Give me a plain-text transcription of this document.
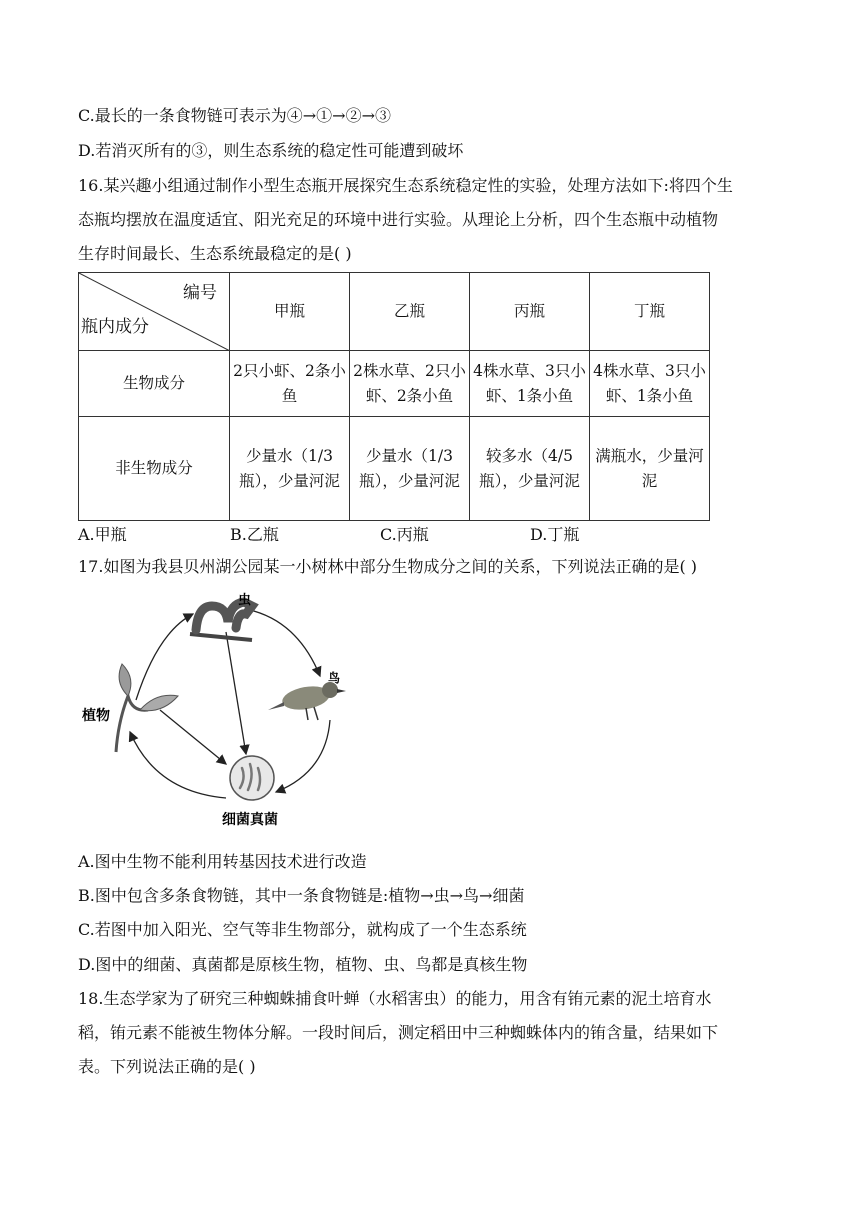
C.最长的一条食物链可表示为④→①→②→③
D.若消灭所有的③，则生态系统的稳定性可能遭到破坏
16.某兴趣小组通过制作小型生态瓶开展探究生态系统稳定性的实验，处理方法如下:将四个生
态瓶均摆放在温度适宜、阳光充足的环境中进行实验。从理论上分析，四个生态瓶中动植物
生存时间最长、生态系统最稳定的是( )
编号
瓶内成分	甲瓶	乙瓶	丙瓶	丁瓶
生物成分	2只小虾、2条小鱼	2株水草、2只小虾、2条小鱼	4株水草、3只小虾、1条小鱼	4株水草、3只小虾、1条小鱼
非生物成分	少量水（1/3瓶），少量河泥	少量水（1/3瓶），少量河泥	较多水（4/5瓶），少量河泥	满瓶水，少量河泥
A.甲瓶	B.乙瓶	C.丙瓶	D.丁瓶
17.如图为我县贝州湖公园某一小树林中部分生物成分之间的关系，下列说法正确的是( )
虫
鸟
植物
细菌真菌
A.图中生物不能利用转基因技术进行改造
B.图中包含多条食物链，其中一条食物链是:植物→虫→鸟→细菌
C.若图中加入阳光、空气等非生物部分，就构成了一个生态系统
D.图中的细菌、真菌都是原核生物，植物、虫、鸟都是真核生物
18.生态学家为了研究三种蜘蛛捕食叶蝉（水稻害虫）的能力，用含有铕元素的泥土培育水
稻，铕元素不能被生物体分解。一段时间后，测定稻田中三种蜘蛛体内的铕含量，结果如下
表。下列说法正确的是( )
